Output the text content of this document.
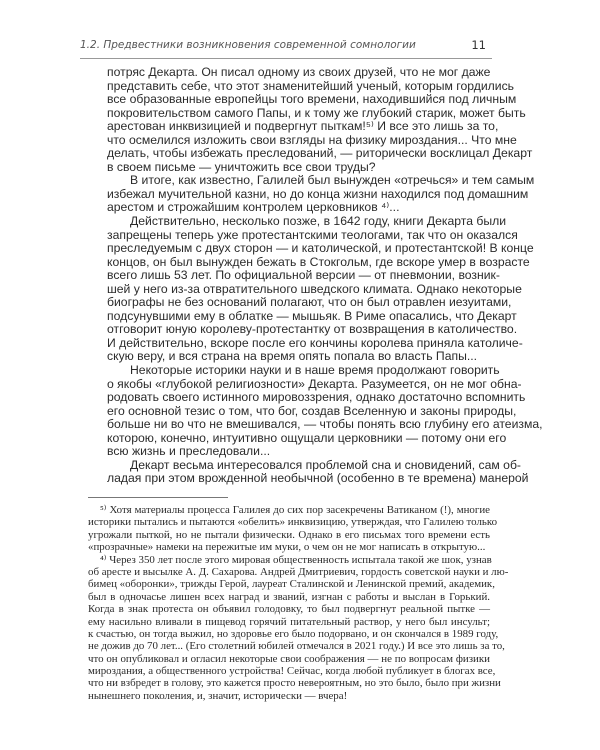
1.2. Предвестники возникновения современной сомнологии	11
потряс Декарта. Он писал одному из своих друзей, что не мог даже
представить себе, что этот знаменитейший ученый, которым гордились
все образованные европейцы того времени, находившийся под личным
покровительством самого Папы, и к тому же глубокий старик, может быть
арестован инквизицией и подвергнут пыткам!⁵⁾ И все это лишь за то,
что осмелился изложить свои взгляды на физику мироздания... Что мне
делать, чтобы избежать преследований, — риторически восклицал Декарт
в своем письме — уничтожить все свои труды?
В итоге, как известно, Галилей был вынужден «отречься» и тем самым
избежал мучительной казни, но до конца жизни находился под домашним
арестом и строжайшим контролем церковников ⁴⁾...
Действительно, несколько позже, в 1642 году, книги Декарта были
запрещены теперь уже протестантскими теологами, так что он оказался
преследуемым с двух сторон — и католической, и протестантской! В конце
концов, он был вынужден бежать в Стокгольм, где вскоре умер в возрасте
всего лишь 53 лет. По официальной версии — от пневмонии, возник-
шей у него из-за отвратительного шведского климата. Однако некоторые
биографы не без оснований полагают, что он был отравлен иезуитами,
подсунувшими ему в облатке — мышьяк. В Риме опасались, что Декарт
отговорит юную королеву-протестантку от возвращения в католичество.
И действительно, вскоре после его кончины королева приняла католиче-
скую веру, и вся страна на время опять попала во власть Папы...
Некоторые историки науки и в наше время продолжают говорить
о якобы «глубокой религиозности» Декарта. Разумеется, он не мог обна-
родовать своего истинного мировоззрения, однако достаточно вспомнить
его основной тезис о том, что бог, создав Вселенную и законы природы,
больше ни во что не вмешивался, — чтобы понять всю глубину его атеизма,
которою, конечно, интуитивно ощущали церковники — потому они его
всю жизнь и преследовали...
Декарт весьма интересовался проблемой сна и сновидений, сам об-
ладая при этом врожденной необычной (особенно в те времена) манерой
⁵⁾ Хотя материалы процесса Галилея до сих пор засекречены Ватиканом (!), многие
историки пытались и пытаются «обелить» инквизицию, утверждая, что Галилею только
угрожали пыткой, но не пытали физически. Однако в его письмах того времени есть
«прозрачные» намеки на пережитые им муки, о чем он не мог написать в открытую...
⁴⁾ Через 350 лет после этого мировая общественность испытала такой же шок, узнав
об аресте и высылке А. Д. Сахарова. Андрей Дмитриевич, гордость советской науки и лю-
бимец «оборонки», трижды Герой, лауреат Сталинской и Ленинской премий, академик,
был в одночасье лишен всех наград и званий, изгнан с работы и выслан в Горький.
Когда в знак протеста он объявил голодовку, то был подвергнут реальной пытке —
ему насильно вливали в пищевод горячий питательный раствор, у него был инсульт;
к счастью, он тогда выжил, но здоровье его было подорвано, и он скончался в 1989 году,
не дожив до 70 лет... (Его столетний юбилей отмечался в 2021 году.) И все это лишь за то,
что он опубликовал и огласил некоторые свои соображения — не по вопросам физики
мироздания, а общественного устройства! Сейчас, когда любой публикует в блогах все,
что ни взбредет в голову, это кажется просто невероятным, но это было, было при жизни
нынешнего поколения, и, значит, исторически — вчера!
